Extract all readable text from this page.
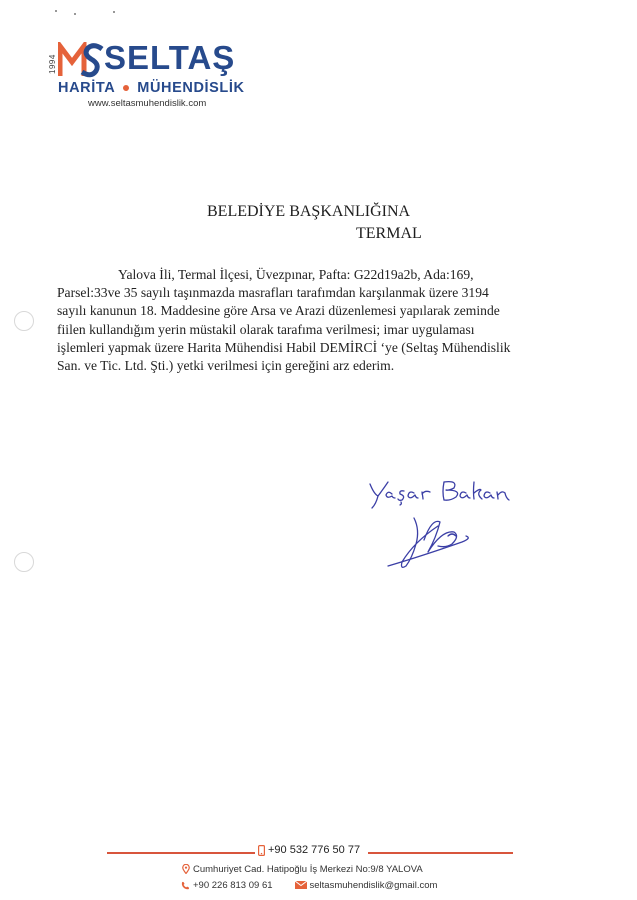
1994 SELTAŞ
HARİTA MÜHENDİSLİK
www.seltasmuhendislik.com
BELEDİYE BAŞKANLIĞINA
TERMAL
Yalova İli, Termal İlçesi, Üvezpınar, Pafta: G22d19a2b, Ada:169,
Parsel:33ve 35 sayılı taşınmazda masrafları tarafımdan karşılanmak üzere 3194
sayılı kanunun 18. Maddesine göre Arsa ve Arazi düzenlemesi yapılarak zeminde
fiilen kullandığım yerin müstakil olarak tarafıma verilmesi; imar uygulaması
işlemleri yapmak üzere Harita Mühendisi Habil DEMİRCİ ‘ye (Seltaş Mühendislik
San. ve Tic. Ltd. Şti.) yetki verilmesi için gereğini arz ederim.
+90 532 776 50 77
Cumhuriyet Cad. Hatipoğlu İş Merkezi No:9/8 YALOVA
+90 226 813 09 61	seltasmuhendislik@gmail.com
